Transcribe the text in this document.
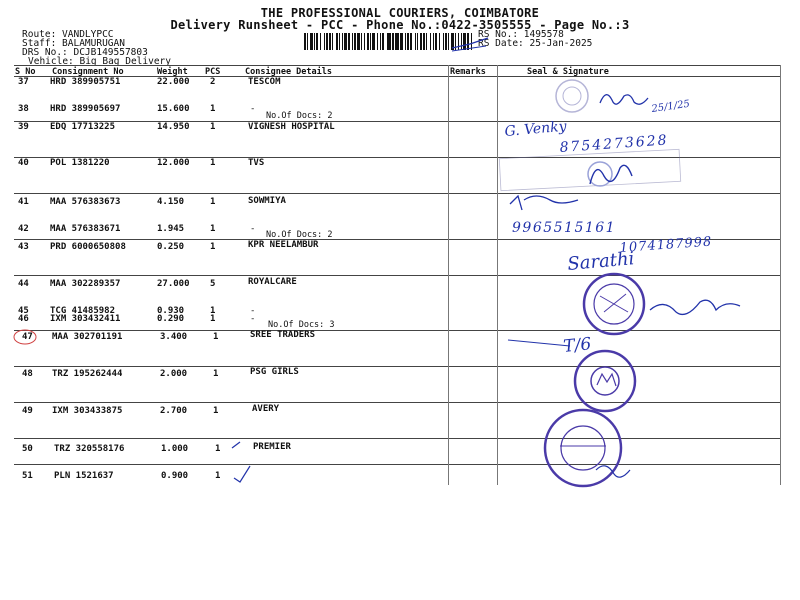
THE PROFESSIONAL COURIERS, COIMBATORE
Delivery Runsheet - PCC - Phone No.:0422-3505555 - Page No.:3
Route: VANDLYPCC
Staff: BALAMURUGAN
DRS No.: DCJB149557803
Vehicle: Big Bag Delivery
RS No.: 1495578
RS Date: 25-Jan-2025
S No Consignment No	Weight PCS	Consignee Details	Remarks	Seal & Signature
37 HRD 389905751	22.000 2	TESCOM
38 HRD 389905697	15.600 1	-
No.Of Docs: 2
39 EDQ 17713225	14.950 1	VIGNESH HOSPITAL
40 POL 1381220	12.000 1	TVS
41 MAA 576383673	4.150	1	SOWMIYA
42 MAA 576383671	1.945	1	-
No.Of Docs: 2
43 PRD 6000650808	0.250	1	KPR NEELAMBUR
44 MAA 302289357	27.000 5	ROYALCARE
45 TCG 41485982	0.930	1	-
46 IXM 303432411	0.290	1	-
No.Of Docs: 3
47 MAA 302701191	3.400	1	SREE TRADERS
48 TRZ 195262444	2.000	1	PSG GIRLS
49 IXM 303433875	2.700	1	AVERY
50 TRZ 320558176	1.000	1	PREMIER
51 PLN 1521637	0.900	1
25/1/25
G. Venky
8754273628
9965515161
1074187998
Sarathi
T/6
